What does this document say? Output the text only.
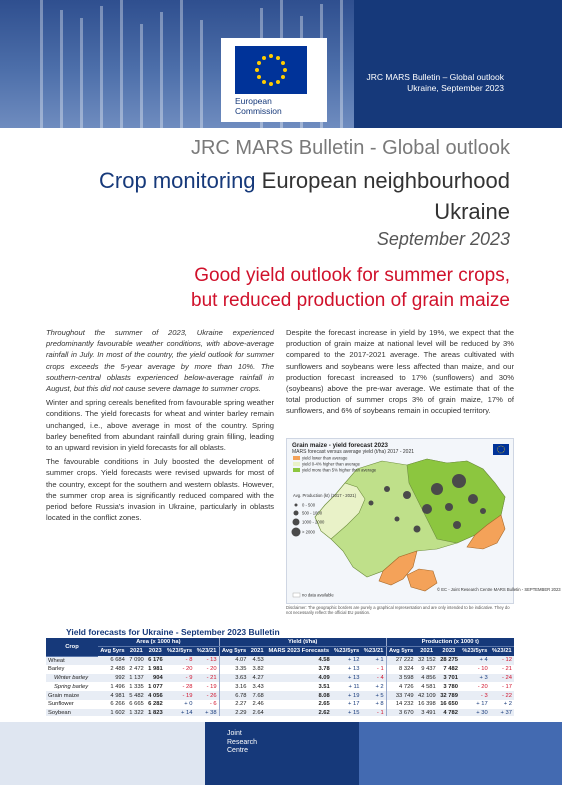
European
Commission
JRC MARS Bulletin – Global outlook
Ukraine, September 2023
JRC MARS Bulletin - Global outlook
Crop monitoring European neighbourhood
Ukraine
September 2023
Good yield outlook for summer crops,
but reduced production of grain maize

Throughout the summer of 2023, Ukraine experienced predominantly favourable weather conditions, with above-average rainfall in July. In most of the country, the yield outlook for summer crops exceeds the 5-year average by more than 10%. The southern-central oblasts experienced below-average rainfall in August, but this did not cause severe damage to summer crops.

Winter and spring cereals benefited from favourable spring weather conditions. The yield forecasts for wheat and winter barley remain unchanged, i.e., above average in most of the country. Spring barley benefited from abundant rainfall during grain filling, leading to an upward revision in yield forecasts for all oblasts.

The favourable conditions in July boosted the development of summer crops. Yield forecasts were revised upwards for most of the country, except for the southern and western oblasts. However, the summer crop area is significantly reduced compared with the period before Russia's invasion in Ukraine, particularly in oblasts located in the conflict zones.

Despite the forecast increase in yield by 19%, we expect that the production of grain maize at national level will be reduced by 3% compared to the 2017-2021 average. The areas cultivated with sunflowers and soybeans were less affected than maize, and our production forecast increased to 17% (sunflowers) and 30% (soybeans) above the pre-war average. We estimate that of the total production of summer crops 3% of grain maize, 17% of sunflowers, and 6% of soybeans remain in occupied territory.

yield lower than average
yield 0-4% higher than average
yield more than 5% higher than average
Avg. Production (kt) (2017 - 2021)
0 - 500
500 - 1000
1000 - 2000
> 2000
no data available
© EC - Joint Research Centre MARS Bulletin - SEPTEMBER 2023
Grain maize - yield forecast 2023
MARS forecast versus average yield (t/ha) 2017 - 2021
Disclaimer: The geographic borders are purely a graphical representation and are only intended to be indicative. They do not necessarily reflect the official EU position.
Yield forecasts for Ukraine - September 2023 Bulletin
Crop	Area (x 1000 ha)					Yield (t/ha)					Production (x 1000 t)				
	Avg 5yrs	2021	2023	%23/5yrs	%23/21	Avg 5yrs	2021	MARS 2023 Forecasts	%23/5yrs	%23/21	Avg 5yrs	2021	2023	%23/5yrs	%23/21
Wheat	6 684	7 090	6 176	- 8	- 13	4.07	4.53	4.58	+ 12	+ 1	27 222	32 152	28 275	+ 4	- 12
Barley	2 488	2 472	1 981	- 20	- 20	3.35	3.82	3.78	+ 13	- 1	8 324	9 437	7 482	- 10	- 21
Winter barley	992	1 137	904	- 9	- 21	3.63	4.27	4.09	+ 13	- 4	3 598	4 856	3 701	+ 3	- 24
Spring barley	1 496	1 335	1 077	- 28	- 19	3.16	3.43	3.51	+ 11	+ 2	4 726	4 581	3 780	- 20	- 17
Grain maize	4 981	5 482	4 056	- 19	- 26	6.78	7.68	8.08	+ 19	+ 5	33 749	42 109	32 789	- 3	- 22
Sunflower	6 266	6 665	6 282	+ 0	- 6	2.27	2.46	2.65	+ 17	+ 8	14 232	16 398	16 650	+ 17	+ 2
Soybean	1 602	1 322	1 823	+ 14	+ 38	2.29	2.64	2.62	+ 15	- 1	3 670	3 491	4 782	+ 30	+ 37

Joint
Research
Centre
